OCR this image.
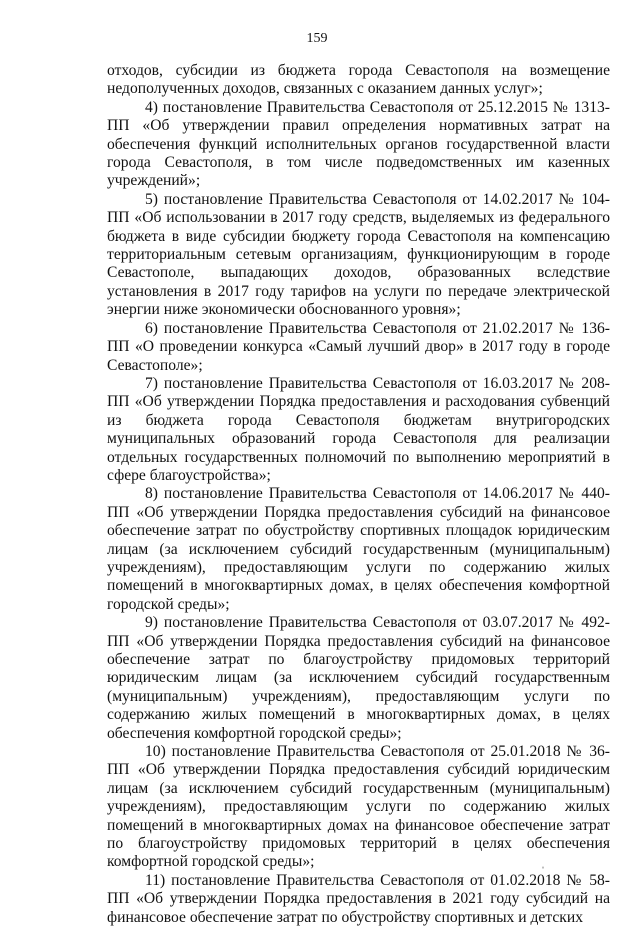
159

отходов, субсидии из бюджета города Севастополя на возмещение недополученных доходов, связанных с оказанием данных услуг»;

4) постановление Правительства Севастополя от 25.12.2015 № 1313-ПП «Об утверждении правил определения нормативных затрат на обеспечения функций исполнительных органов государственной власти города Севастополя, в том числе подведомственных им казенных учреждений»;

5) постановление Правительства Севастополя от 14.02.2017 № 104-ПП «Об использовании в 2017 году средств, выделяемых из федерального бюджета в виде субсидии бюджету города Севастополя на компенсацию территориальным сетевым организациям, функционирующим в городе Севастополе, выпадающих доходов, образованных вследствие установления в 2017 году тарифов на услуги по передаче электрической энергии ниже экономически обоснованного уровня»;

6) постановление Правительства Севастополя от 21.02.2017 № 136-ПП «О проведении конкурса «Самый лучший двор» в 2017 году в городе Севастополе»;

7) постановление Правительства Севастополя от 16.03.2017 № 208-ПП «Об утверждении Порядка предоставления и расходования субвенций из бюджета города Севастополя бюджетам внутригородских муниципальных образований города Севастополя для реализации отдельных государственных полномочий по выполнению мероприятий в сфере благоустройства»;

8) постановление Правительства Севастополя от 14.06.2017 № 440-ПП «Об утверждении Порядка предоставления субсидий на финансовое обеспечение затрат по обустройству спортивных площадок юридическим лицам (за исключением субсидий государственным (муниципальным) учреждениям), предоставляющим услуги по содержанию жилых помещений в многоквартирных домах, в целях обеспечения комфортной городской среды»;

9) постановление Правительства Севастополя от 03.07.2017 № 492-ПП «Об утверждении Порядка предоставления субсидий на финансовое обеспечение затрат по благоустройству придомовых территорий юридическим лицам (за исключением субсидий государственным (муниципальным) учреждениям), предоставляющим услуги по содержанию жилых помещений в многоквартирных домах, в целях обеспечения комфортной городской среды»;

10) постановление Правительства Севастополя от 25.01.2018 № 36-ПП «Об утверждении Порядка предоставления субсидий юридическим лицам (за исключением субсидий государственным (муниципальным) учреждениям), предоставляющим услуги по содержанию жилых помещений в многоквартирных домах на финансовое обеспечение затрат по благоустройству придомовых территорий в целях обеспечения комфортной городской среды»;

11) постановление Правительства Севастополя от 01.02.2018 № 58-ПП «Об утверждении Порядка предоставления в 2021 году субсидий на финансовое обеспечение затрат по обустройству спортивных и детских

ˌ
